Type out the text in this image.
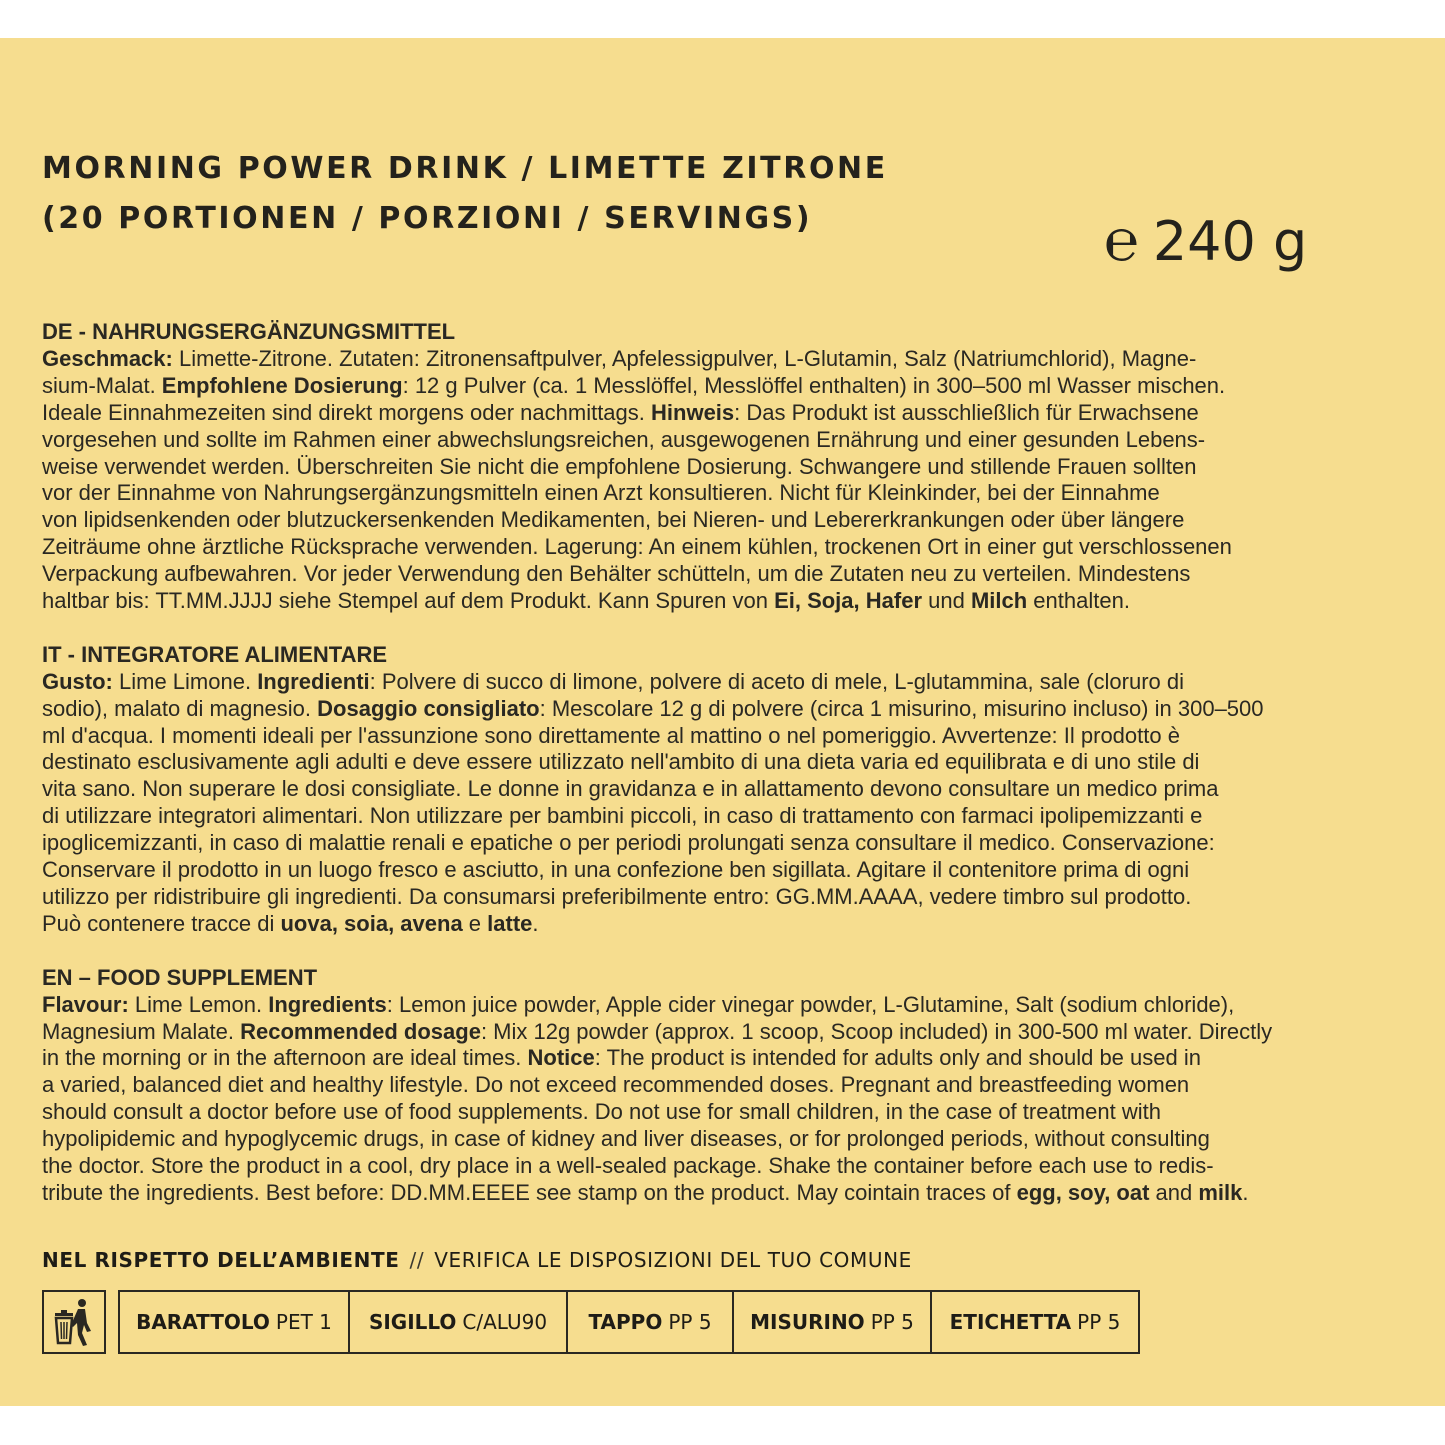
MORNING POWER DRINK / LIMETTE ZITRONE
(20 PORTIONEN / PORZIONI / SERVINGS)	℮ 240 g
DE - NAHRUNGSERGÄNZUNGSMITTEL

Geschmack: Limette-Zitrone. Zutaten: Zitronensaftpulver, Apfelessigpulver, L-Glutamin, Salz (Natriumchlorid), Magne-
sium-Malat. Empfohlene Dosierung: 12 g Pulver (ca. 1 Messlöffel, Messlöffel enthalten) in 300–500 ml Wasser mischen.
Ideale Einnahmezeiten sind direkt morgens oder nachmittags. Hinweis: Das Produkt ist ausschließlich für Erwachsene
vorgesehen und sollte im Rahmen einer abwechslungsreichen, ausgewogenen Ernährung und einer gesunden Lebens-
weise verwendet werden. Überschreiten Sie nicht die empfohlene Dosierung. Schwangere und stillende Frauen sollten
vor der Einnahme von Nahrungsergänzungsmitteln einen Arzt konsultieren. Nicht für Kleinkinder, bei der Einnahme
von lipidsenkenden oder blutzuckersenkenden Medikamenten, bei Nieren- und Lebererkrankungen oder über längere
Zeiträume ohne ärztliche Rücksprache verwenden. Lagerung: An einem kühlen, trockenen Ort in einer gut verschlossenen
Verpackung aufbewahren. Vor jeder Verwendung den Behälter schütteln, um die Zutaten neu zu verteilen. Mindestens
haltbar bis: TT.MM.JJJJ siehe Stempel auf dem Produkt. Kann Spuren von Ei, Soja, Hafer und Milch enthalten.

IT - INTEGRATORE ALIMENTARE

Gusto: Lime Limone. Ingredienti: Polvere di succo di limone, polvere di aceto di mele, L-glutammina, sale (cloruro di
sodio), malato di magnesio. Dosaggio consigliato: Mescolare 12 g di polvere (circa 1 misurino, misurino incluso) in 300–500
ml d'acqua. I momenti ideali per l'assunzione sono direttamente al mattino o nel pomeriggio. Avvertenze: Il prodotto è
destinato esclusivamente agli adulti e deve essere utilizzato nell'ambito di una dieta varia ed equilibrata e di uno stile di
vita sano. Non superare le dosi consigliate. Le donne in gravidanza e in allattamento devono consultare un medico prima
di utilizzare integratori alimentari. Non utilizzare per bambini piccoli, in caso di trattamento con farmaci ipolipemizzanti e
ipoglicemizzanti, in caso di malattie renali e epatiche o per periodi prolungati senza consultare il medico. Conservazione:
Conservare il prodotto in un luogo fresco e asciutto, in una confezione ben sigillata. Agitare il contenitore prima di ogni
utilizzo per ridistribuire gli ingredienti. Da consumarsi preferibilmente entro: GG.MM.AAAA, vedere timbro sul prodotto.
Può contenere tracce di uova, soia, avena e latte.

EN – FOOD SUPPLEMENT

Flavour: Lime Lemon. Ingredients: Lemon juice powder, Apple cider vinegar powder, L-Glutamine, Salt (sodium chloride),
Magnesium Malate. Recommended dosage: Mix 12g powder (approx. 1 scoop, Scoop included) in 300-500 ml water. Directly
in the morning or in the afternoon are ideal times. Notice: The product is intended for adults only and should be used in
a varied, balanced diet and healthy lifestyle. Do not exceed recommended doses. Pregnant and breastfeeding women
should consult a doctor before use of food supplements. Do not use for small children, in the case of treatment with
hypolipidemic and hypoglycemic drugs, in case of kidney and liver diseases, or for prolonged periods, without consulting
the doctor. Store the product in a cool, dry place in a well-sealed package. Shake the container before each use to redis-
tribute the ingredients. Best before: DD.MM.EEEE see stamp on the product. May cointain traces of egg, soy, oat and milk.

NEL RISPETTO DELL’AMBIENTE // VERIFICA LE DISPOSIZIONI DEL TUO COMUNE
BARATTOLO PET 1 SIGILLO C/ALU90 TAPPO PP 5 MISURINO PP 5 ETICHETTA PP 5
